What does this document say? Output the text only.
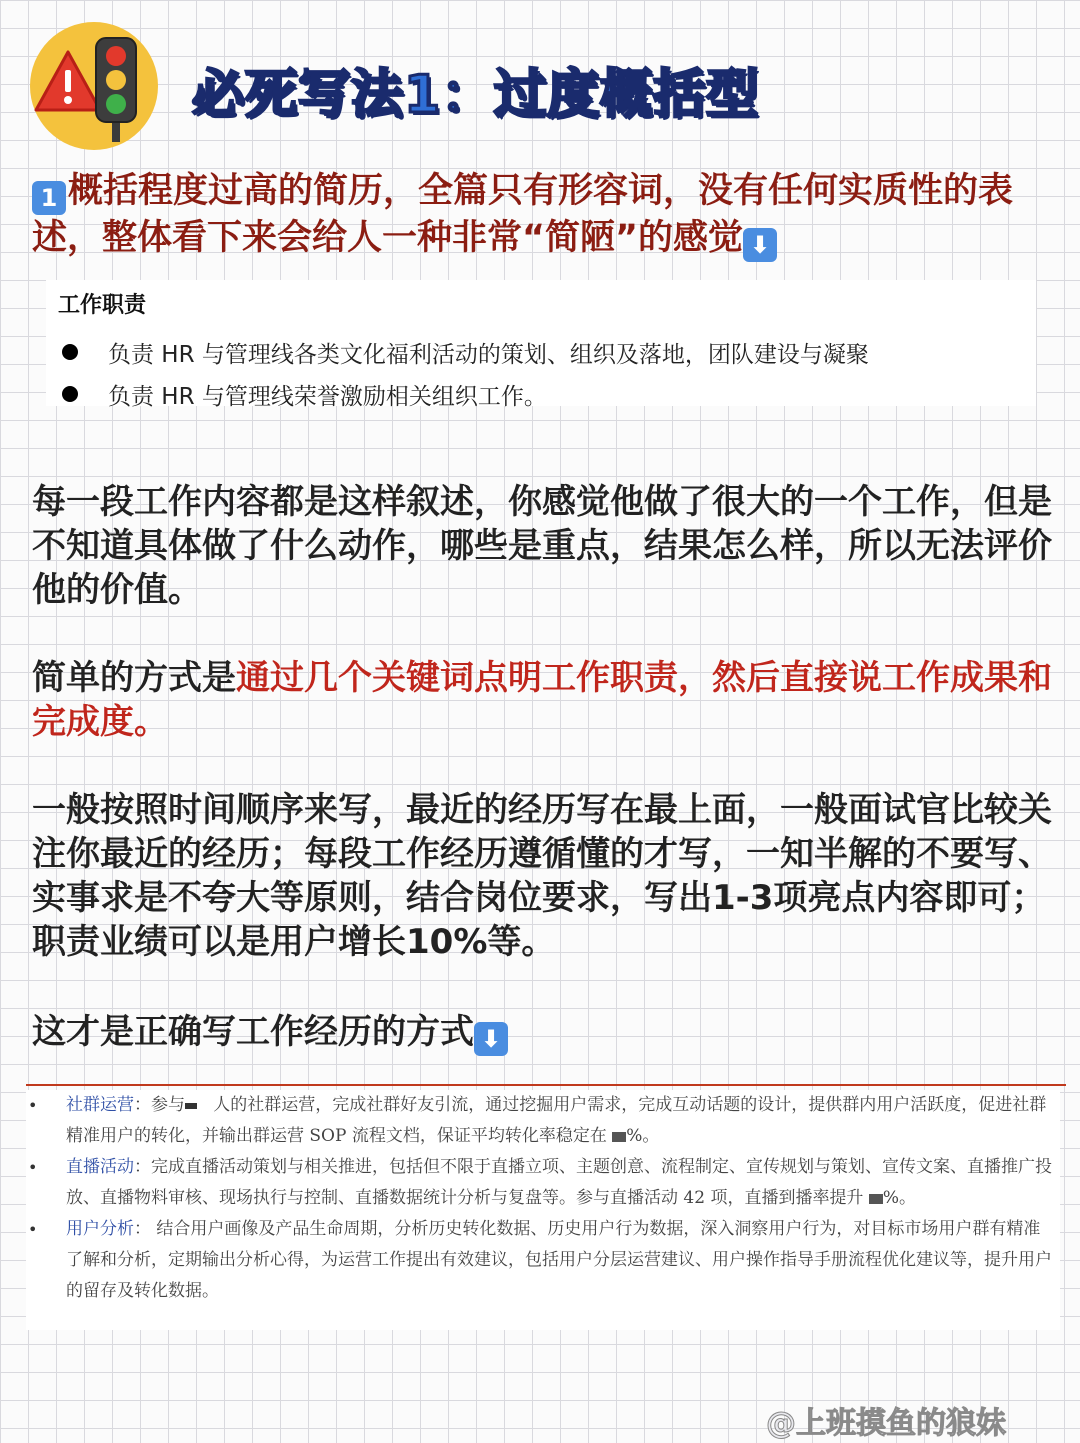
必死写法1：过度概括型
1 概括程度过高的简历，全篇只有形容词，没有任何实质性的表述，整体看下来会给人一种非常“简陋”的感觉 ⬇
工作职责
负责 HR 与管理线各类文化福利活动的策划、组织及落地，团队建设与凝聚
负责 HR 与管理线荣誉激励相关组织工作。

每一段工作内容都是这样叙述，你感觉他做了很大的一个工作，但是不知道具体做了什么动作，哪些是重点，结果怎么样，所以无法评价他的价值。

简单的方式是通过几个关键词点明工作职责，然后直接说工作成果和完成度。

一般按照时间顺序来写，最近的经历写在最上面，一般面试官比较关注你最近的经历；每段工作经历遵循懂的才写，一知半解的不要写、实事求是不夸大等原则，结合岗位要求，写出1-3项亮点内容即可；职责业绩可以是用户增长10%等。

这才是正确写工作经历的方式 ⬇

• 社群运营：参与 人的社群运营，完成社群好友引流，通过挖掘用户需求，完成互动话题的设计，提供群内用户活跃度，促进社群精准用户的转化，并输出群运营 SOP 流程文档，保证平均转化率稳定在 %。
• 直播活动：完成直播活动策划与相关推进，包括但不限于直播立项、主题创意、流程制定、宣传规划与策划、宣传文案、直播推广投放、直播物料审核、现场执行与控制、直播数据统计分析与复盘等。参与直播活动 42 项，直播到播率提升 %。
• 用户分析： 结合用户画像及产品生命周期，分析历史转化数据、历史用户行为数据，深入洞察用户行为，对目标市场用户群有精准了解和分析，定期输出分析心得，为运营工作提出有效建议，包括用户分层运营建议、用户操作指导手册流程优化建议等，提升用户的留存及转化数据。
@上班摸鱼的狼妹
